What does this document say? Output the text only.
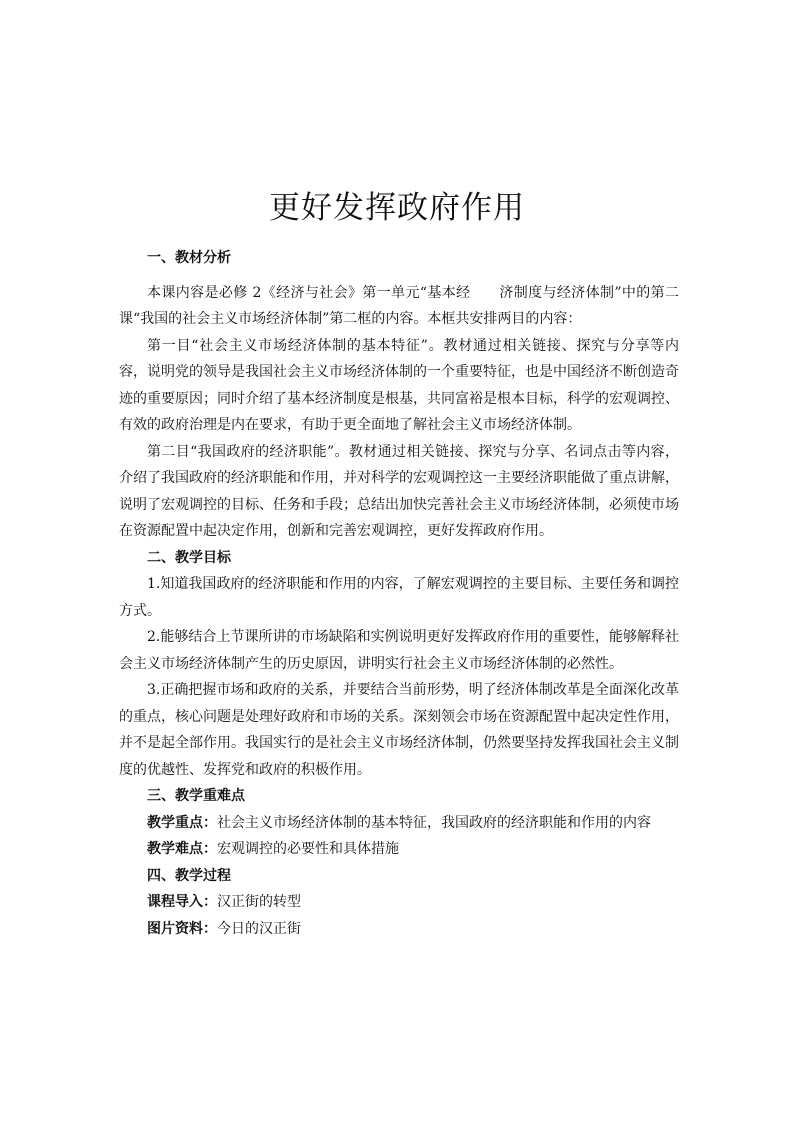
更好发挥政府作用

一、教材分析

本课内容是必修 2《经济与社会》第一单元“基本经　　济制度与经济体制”中的第二课“我国的社会主义市场经济体制”第二框的内容。本框共安排两目的内容：

第一目“社会主义市场经济体制的基本特征”。教材通过相关链接、探究与分享等内容，说明党的领导是我国社会主义市场经济体制的一个重要特征，也是中国经济不断创造奇迹的重要原因；同时介绍了基本经济制度是根基，共同富裕是根本目标，科学的宏观调控、有效的政府治理是内在要求，有助于更全面地了解社会主义市场经济体制。

第二目“我国政府的经济职能”。教材通过相关链接、探究与分享、名词点击等内容，介绍了我国政府的经济职能和作用，并对科学的宏观调控这一主要经济职能做了重点讲解，说明了宏观调控的目标、任务和手段；总结出加快完善社会主义市场经济体制，必须使市场在资源配置中起决定作用，创新和完善宏观调控，更好发挥政府作用。

二、教学目标

1.知道我国政府的经济职能和作用的内容，了解宏观调控的主要目标、主要任务和调控方式。

2.能够结合上节课所讲的市场缺陷和实例说明更好发挥政府作用的重要性，能够解释社会主义市场经济体制产生的历史原因，讲明实行社会主义市场经济体制的必然性。

3.正确把握市场和政府的关系，并要结合当前形势，明了经济体制改革是全面深化改革的重点，核心问题是处理好政府和市场的关系。深刻领会市场在资源配置中起决定性作用，并不是起全部作用。我国实行的是社会主义市场经济体制，仍然要坚持发挥我国社会主义制度的优越性、发挥党和政府的积极作用。

三、教学重难点

教学重点：社会主义市场经济体制的基本特征，我国政府的经济职能和作用的内容

教学难点：宏观调控的必要性和具体措施

四、教学过程

课程导入：汉正街的转型

图片资料：今日的汉正街
